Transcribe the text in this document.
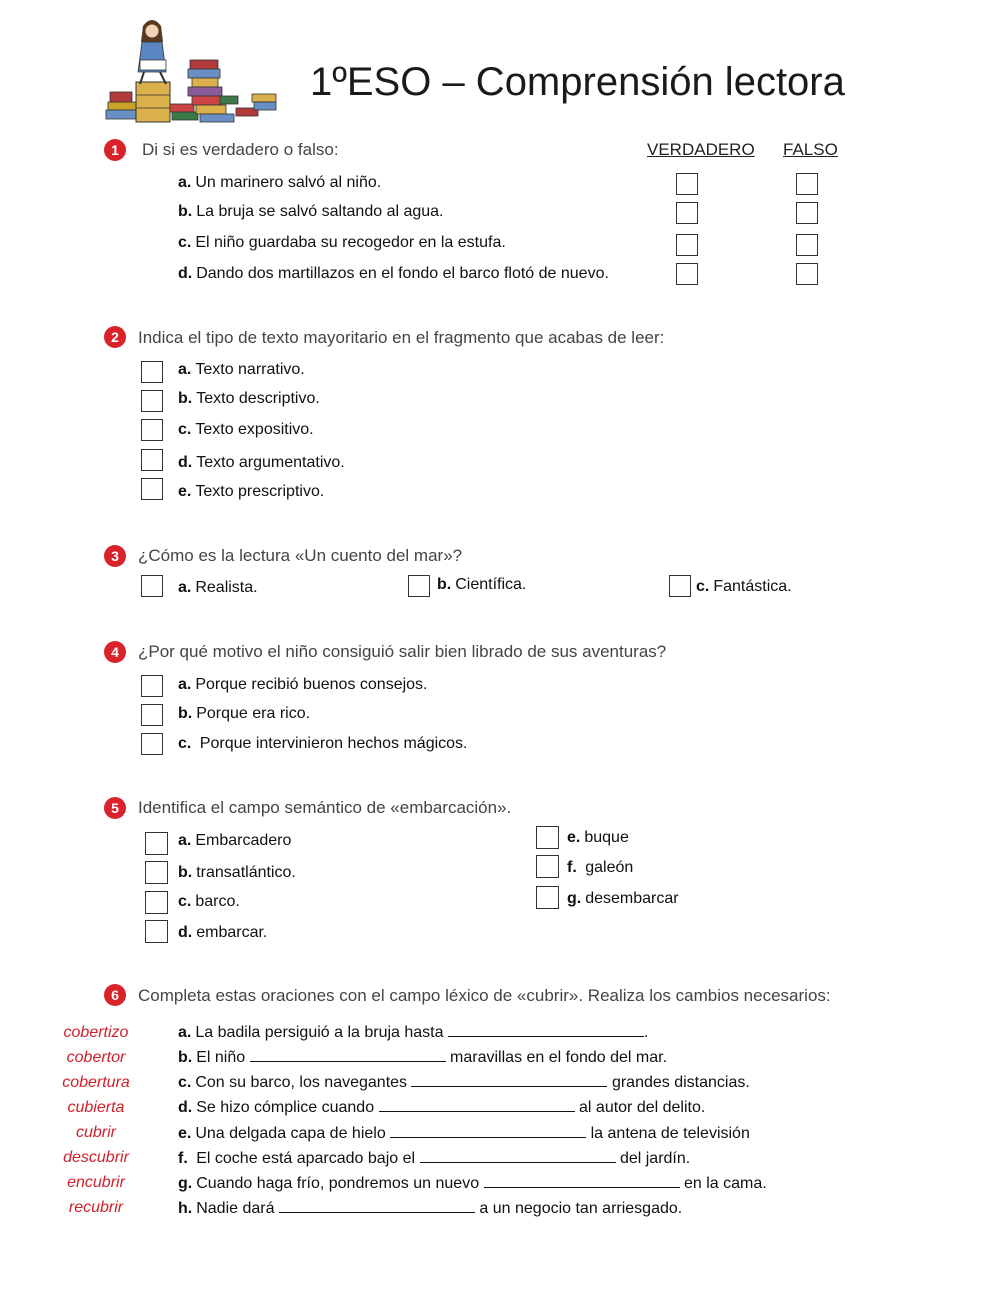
1ºESO – Comprensión lectora
1	Di si es verdadero o falso:	VERDADERO FALSO
a. Un marinero salvó al niño.
b. La bruja se salvó saltando al agua.
c. El niño guardaba su recogedor en la estufa.
d. Dando dos martillazos en el fondo el barco flotó de nuevo.
2	Indica el tipo de texto mayoritario en el fragmento que acabas de leer:
a. Texto narrativo.
b. Texto descriptivo.
c. Texto expositivo.
d. Texto argumentativo.
e. Texto prescriptivo.
3	¿Cómo es la lectura «Un cuento del mar»?
a. Realista.	b. Científica.	c. Fantástica.
4	¿Por qué motivo el niño consiguió salir bien librado de sus aventuras?
a. Porque recibió buenos consejos.
b. Porque era rico.
c. Porque intervinieron hechos mágicos.
5	Identifica el campo semántico de «embarcación».
a. Embarcadero
b. transatlántico.
c. barco.
d. embarcar.
e. buque
f. galeón
g. desembarcar
6	Completa estas oraciones con el campo léxico de «cubrir». Realiza los cambios necesarios:
cobertizo
cobertor
cobertura
cubierta
cubrir
descubrir
encubrir
recubrir
a. La badila persiguió a la bruja hasta	.
b. El niño	maravillas en el fondo del mar.
c. Con su barco, los navegantes	grandes distancias.
d. Se hizo cómplice cuando	al autor del delito.
e. Una delgada capa de hielo	la antena de televisión
f. El coche está aparcado bajo el	del jardín.
g. Cuando haga frío, pondremos un nuevo	en la cama.
h. Nadie dará	a un negocio tan arriesgado.
